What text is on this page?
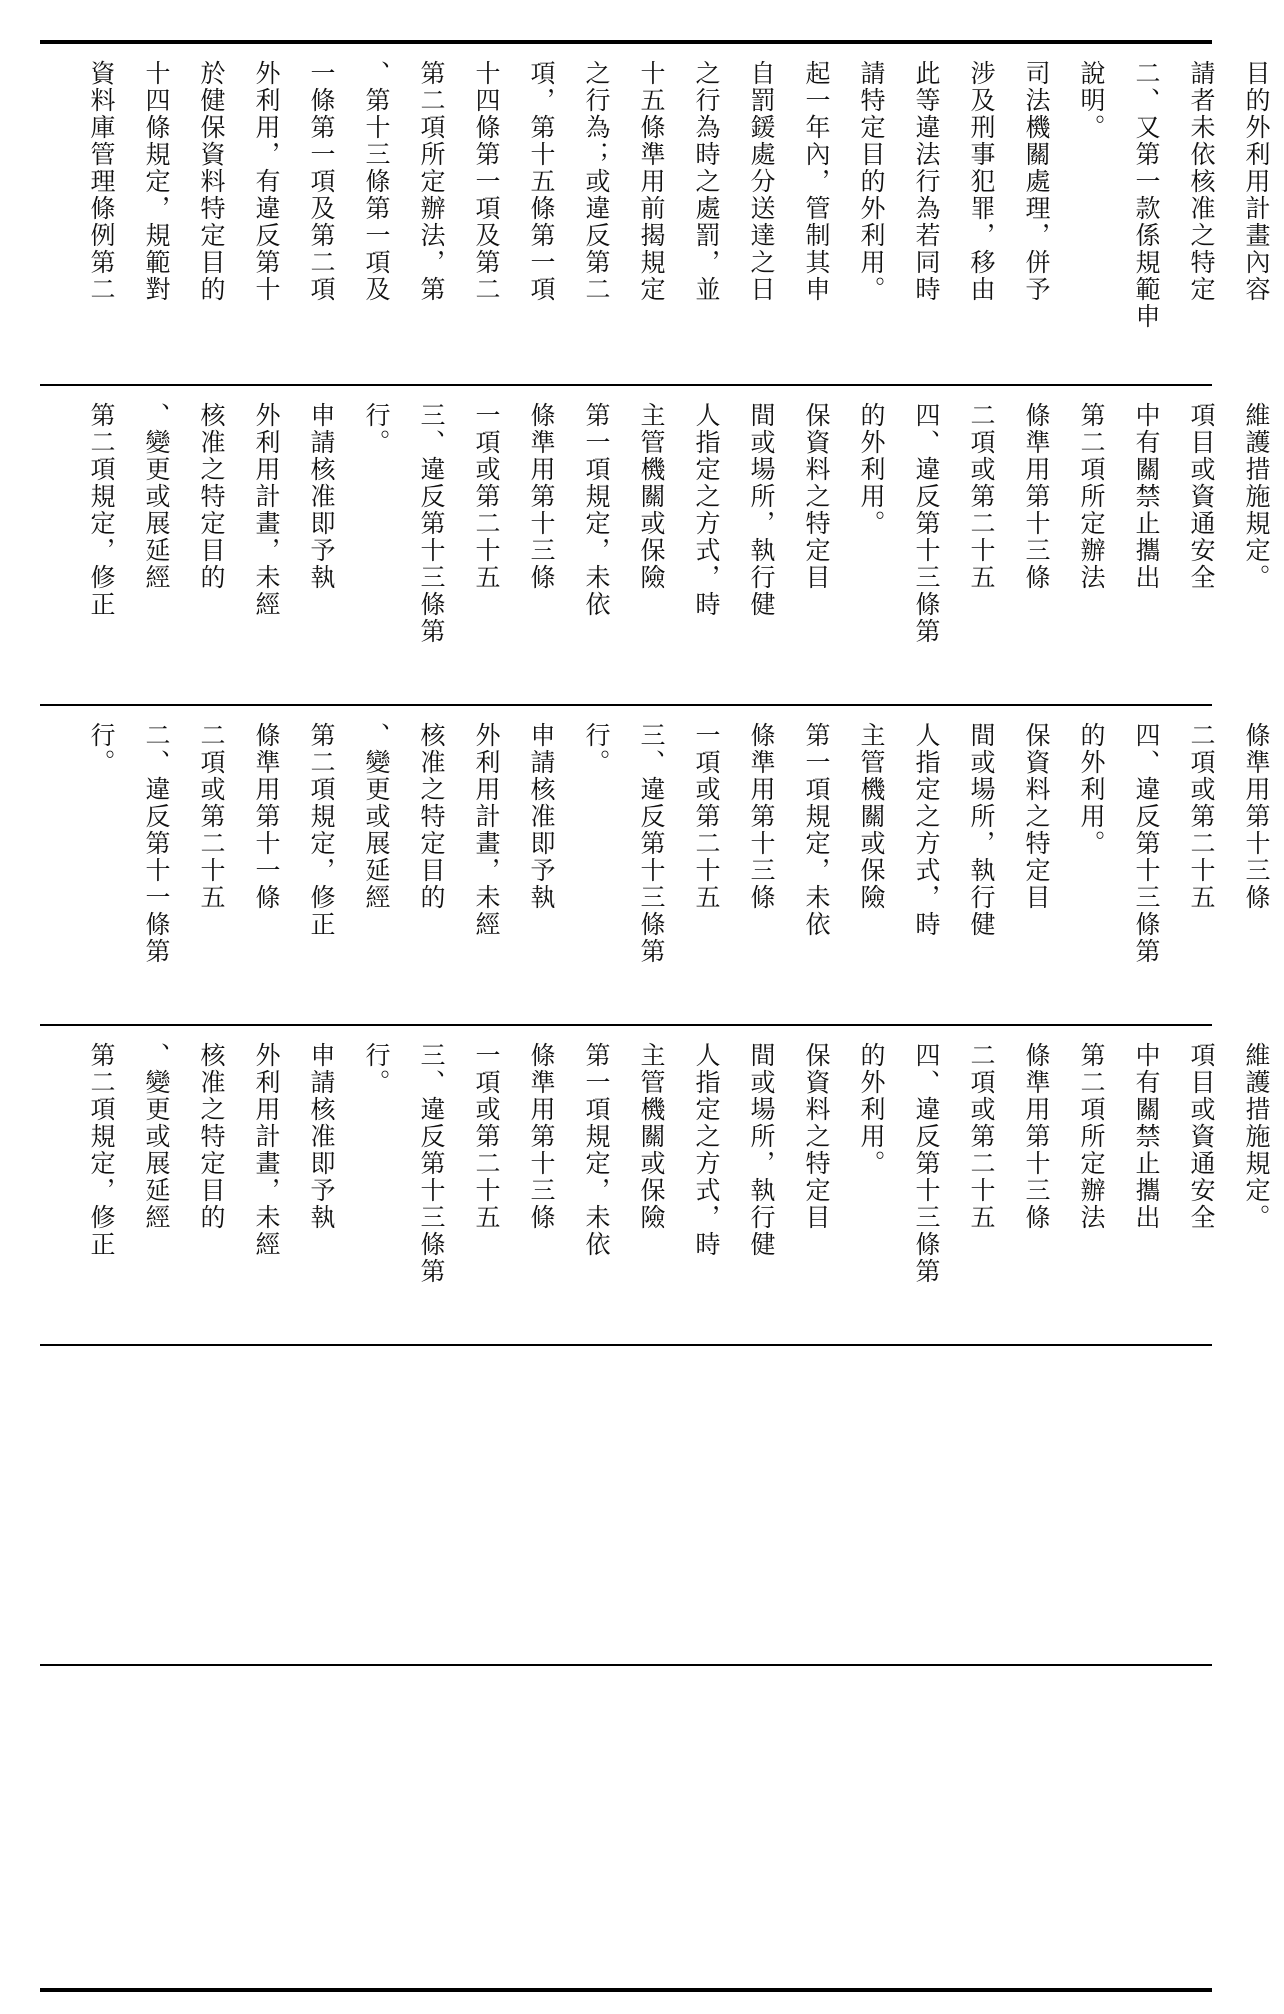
資料庫管理條例第二	十四條規定，規範對	於健保資料特定目的	外利用，有違反第十	一條第一項及第二項	、第十三條第一項及	第二項所定辦法，第	十四條第一項及第二	項，第十五條第一項	之行為；或違反第二	十五條準用前揭規定	之行為時之處罰，並	自罰鍰處分送達之日	起一年內，管制其申	請特定目的外利用。	此等違法行為若同時	涉及刑事犯罪，移由	司法機關處理，併予	說明。	二、又第一款係規範申	請者未依核准之特定	目的外利用計畫內容
第二項規定，修正	、變更或展延經	核准之特定目的	外利用計畫，未經	申請核准即予執	行。	三、違反第十三條第	一項或第二十五	條準用第十三條	第一項規定，未依	主管機關或保險	人指定之方式，時	間或場所，執行健	保資料之特定目	的外利用。	四、違反第十三條第	二項或第二十五	條準用第十三條	第二項所定辦法	中有關禁止攜出	項目或資通安全	維護措施規定。
行。	二、違反第十一條第	二項或第二十五	條準用第十一條	第二項規定，修正	、變更或展延經	核准之特定目的	外利用計畫，未經	申請核准即予執	行。	三、違反第十三條第	一項或第二十五	條準用第十三條	第一項規定，未依	主管機關或保險	人指定之方式，時	間或場所，執行健	保資料之特定目	的外利用。	四、違反第十三條第	二項或第二十五	條準用第十三條
第二項規定，修正	、變更或展延經	核准之特定目的	外利用計畫，未經	申請核准即予執	行。	三、違反第十三條第	一項或第二十五	條準用第十三條	第一項規定，未依	主管機關或保險	人指定之方式，時	間或場所，執行健	保資料之特定目	的外利用。	四、違反第十三條第	二項或第二十五	條準用第十三條	第二項所定辦法	中有關禁止攜出	項目或資通安全	維護措施規定。
